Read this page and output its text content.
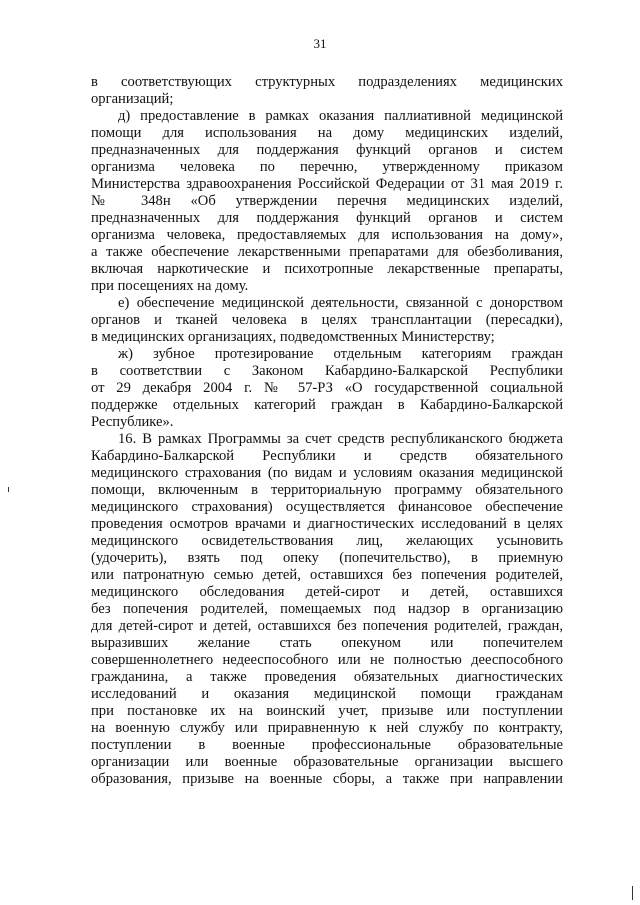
31
в соответствующих структурных подразделениях медицинских
организаций;
д) предоставление в рамках оказания паллиативной медицинской
помощи для использования на дому медицинских изделий,
предназначенных для поддержания функций органов и систем
организма человека по перечню, утвержденному приказом
Министерства здравоохранения Российской Федерации от 31 мая 2019 г.
№ 348н «Об утверждении перечня медицинских изделий,
предназначенных для поддержания функций органов и систем
организма человека, предоставляемых для использования на дому»,
а также обеспечение лекарственными препаратами для обезболивания,
включая наркотические и психотропные лекарственные препараты,
при посещениях на дому.
е) обеспечение медицинской деятельности, связанной с донорством
органов и тканей человека в целях трансплантации (пересадки),
в медицинских организациях, подведомственных Министерству;
ж) зубное протезирование отдельным категориям граждан
в соответствии с Законом Кабардино-Балкарской Республики
от 29 декабря 2004 г. № 57-РЗ «О государственной социальной
поддержке отдельных категорий граждан в Кабардино-Балкарской
Республике».
16. В рамках Программы за счет средств республиканского бюджета
Кабардино-Балкарской Республики и средств обязательного
медицинского страхования (по видам и условиям оказания медицинской
помощи, включенным в территориальную программу обязательного
медицинского страхования) осуществляется финансовое обеспечение
проведения осмотров врачами и диагностических исследований в целях
медицинского освидетельствования лиц, желающих усыновить
(удочерить), взять под опеку (попечительство), в приемную
или патронатную семью детей, оставшихся без попечения родителей,
медицинского обследования детей-сирот и детей, оставшихся
без попечения родителей, помещаемых под надзор в организацию
для детей-сирот и детей, оставшихся без попечения родителей, граждан,
выразивших желание стать опекуном или попечителем
совершеннолетнего недееспособного или не полностью дееспособного
гражданина, а также проведения обязательных диагностических
исследований и оказания медицинской помощи гражданам
при постановке их на воинский учет, призыве или поступлении
на военную службу или приравненную к ней службу по контракту,
поступлении в военные профессиональные образовательные
организации или военные образовательные организации высшего
образования, призыве на военные сборы, а также при направлении
